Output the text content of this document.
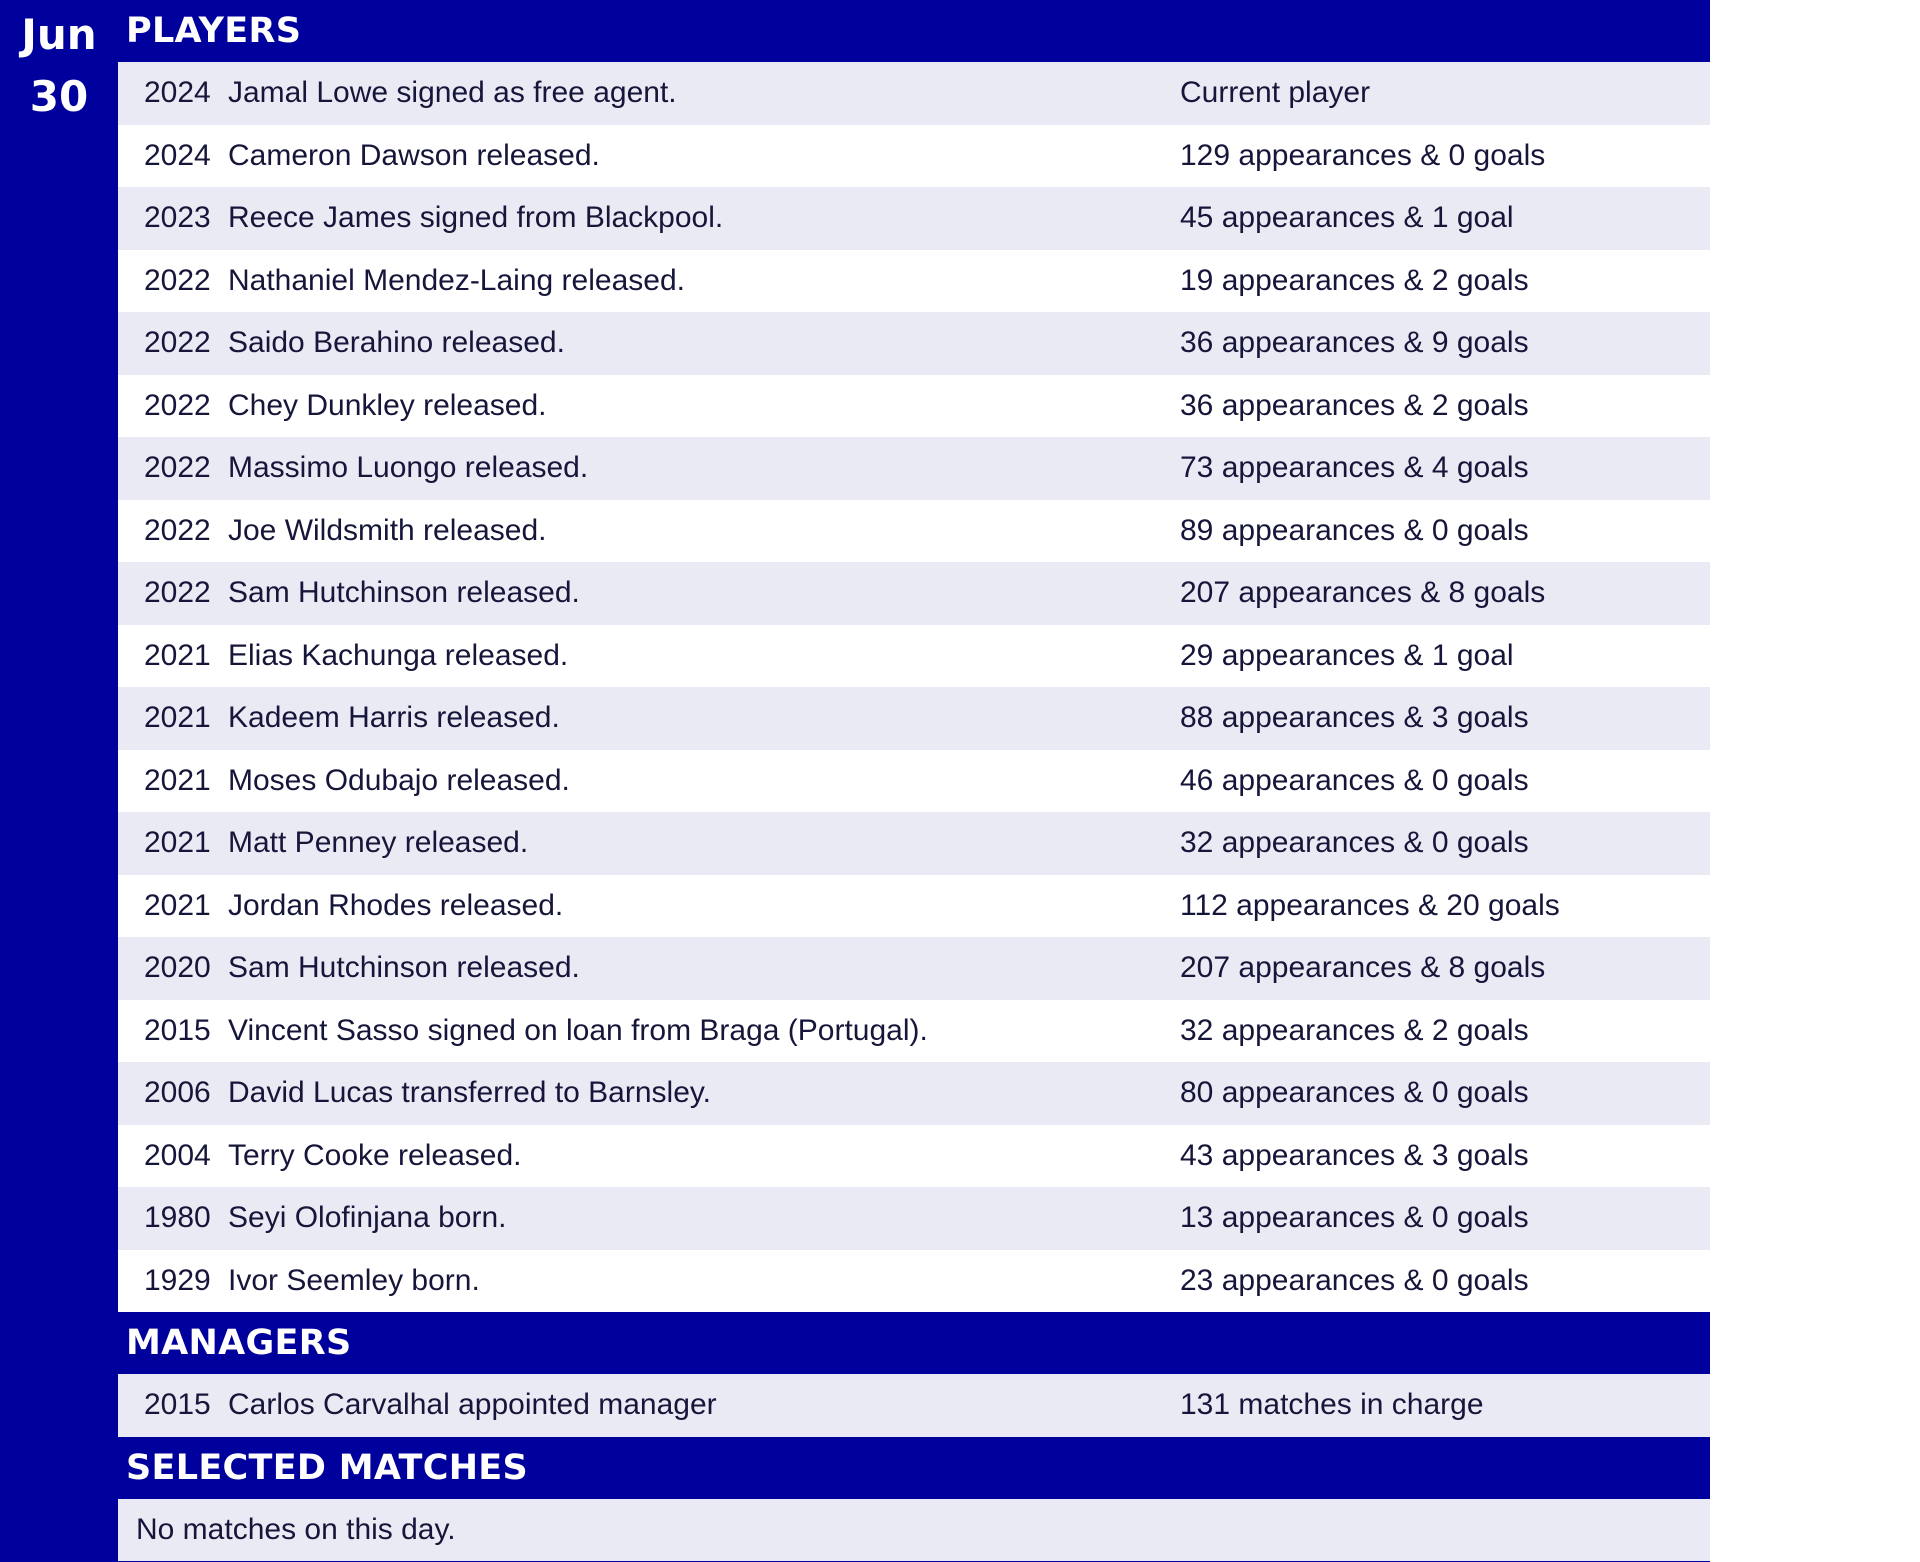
Jun
30
PLAYERS
2024 Jamal Lowe signed as free agent.	Current player
2024 Cameron Dawson released.	129 appearances & 0 goals
2023 Reece James signed from Blackpool.	45 appearances & 1 goal
2022 Nathaniel Mendez-Laing released.	19 appearances & 2 goals
2022 Saido Berahino released.	36 appearances & 9 goals
2022 Chey Dunkley released.	36 appearances & 2 goals
2022 Massimo Luongo released.	73 appearances & 4 goals
2022 Joe Wildsmith released.	89 appearances & 0 goals
2022 Sam Hutchinson released.	207 appearances & 8 goals
2021 Elias Kachunga released.	29 appearances & 1 goal
2021 Kadeem Harris released.	88 appearances & 3 goals
2021 Moses Odubajo released.	46 appearances & 0 goals
2021 Matt Penney released.	32 appearances & 0 goals
2021 Jordan Rhodes released.	112 appearances & 20 goals
2020 Sam Hutchinson released.	207 appearances & 8 goals
2015 Vincent Sasso signed on loan from Braga (Portugal).	32 appearances & 2 goals
2006 David Lucas transferred to Barnsley.	80 appearances & 0 goals
2004 Terry Cooke released.	43 appearances & 3 goals
1980 Seyi Olofinjana born.	13 appearances & 0 goals
1929 Ivor Seemley born.	23 appearances & 0 goals
MANAGERS
2015 Carlos Carvalhal appointed manager	131 matches in charge
SELECTED MATCHES
No matches on this day.
